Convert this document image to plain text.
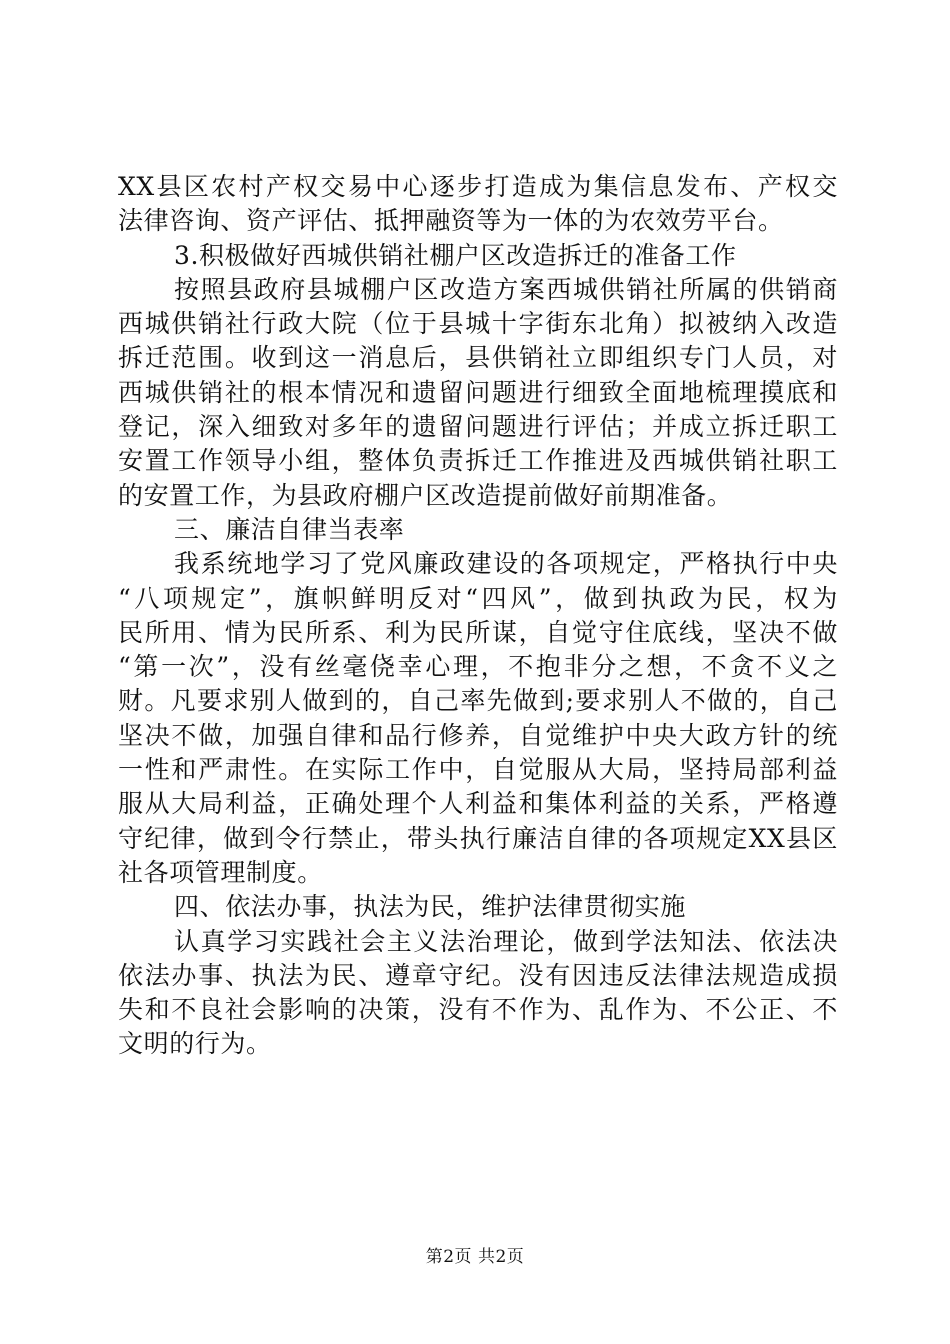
XX县区农村产权交易中心逐步打造成为集信息发布、产权交
法律咨询、资产评估、抵押融资等为一体的为农效劳平台。
3.积极做好西城供销社棚户区改造拆迁的准备工作
按照县政府县城棚户区改造方案西城供销社所属的供销商
西城供销社行政大院（位于县城十字街东北角）拟被纳入改造
拆迁范围。收到这一消息后，县供销社立即组织专门人员，对
西城供销社的根本情况和遗留问题进行细致全面地梳理摸底和
登记，深入细致对多年的遗留问题进行评估；并成立拆迁职工
安置工作领导小组，整体负责拆迁工作推进及西城供销社职工
的安置工作，为县政府棚户区改造提前做好前期准备。
三、廉洁自律当表率
我系统地学习了党风廉政建设的各项规定，严格执行中央
“八项规定”，旗帜鲜明反对“四风”，做到执政为民，权为
民所用、情为民所系、利为民所谋，自觉守住底线，坚决不做
“第一次”，没有丝毫侥幸心理，不抱非分之想，不贪不义之
财。凡要求别人做到的，自己率先做到;要求别人不做的，自己
坚决不做，加强自律和品行修养，自觉维护中央大政方针的统
一性和严肃性。在实际工作中，自觉服从大局，坚持局部利益
服从大局利益，正确处理个人利益和集体利益的关系，严格遵
守纪律，做到令行禁止，带头执行廉洁自律的各项规定XX县区
社各项管理制度。
四、依法办事，执法为民，维护法律贯彻实施
认真学习实践社会主义法治理论，做到学法知法、依法决
依法办事、执法为民、遵章守纪。没有因违反法律法规造成损
失和不良社会影响的决策，没有不作为、乱作为、不公正、不
文明的行为。
第2页 共2页
